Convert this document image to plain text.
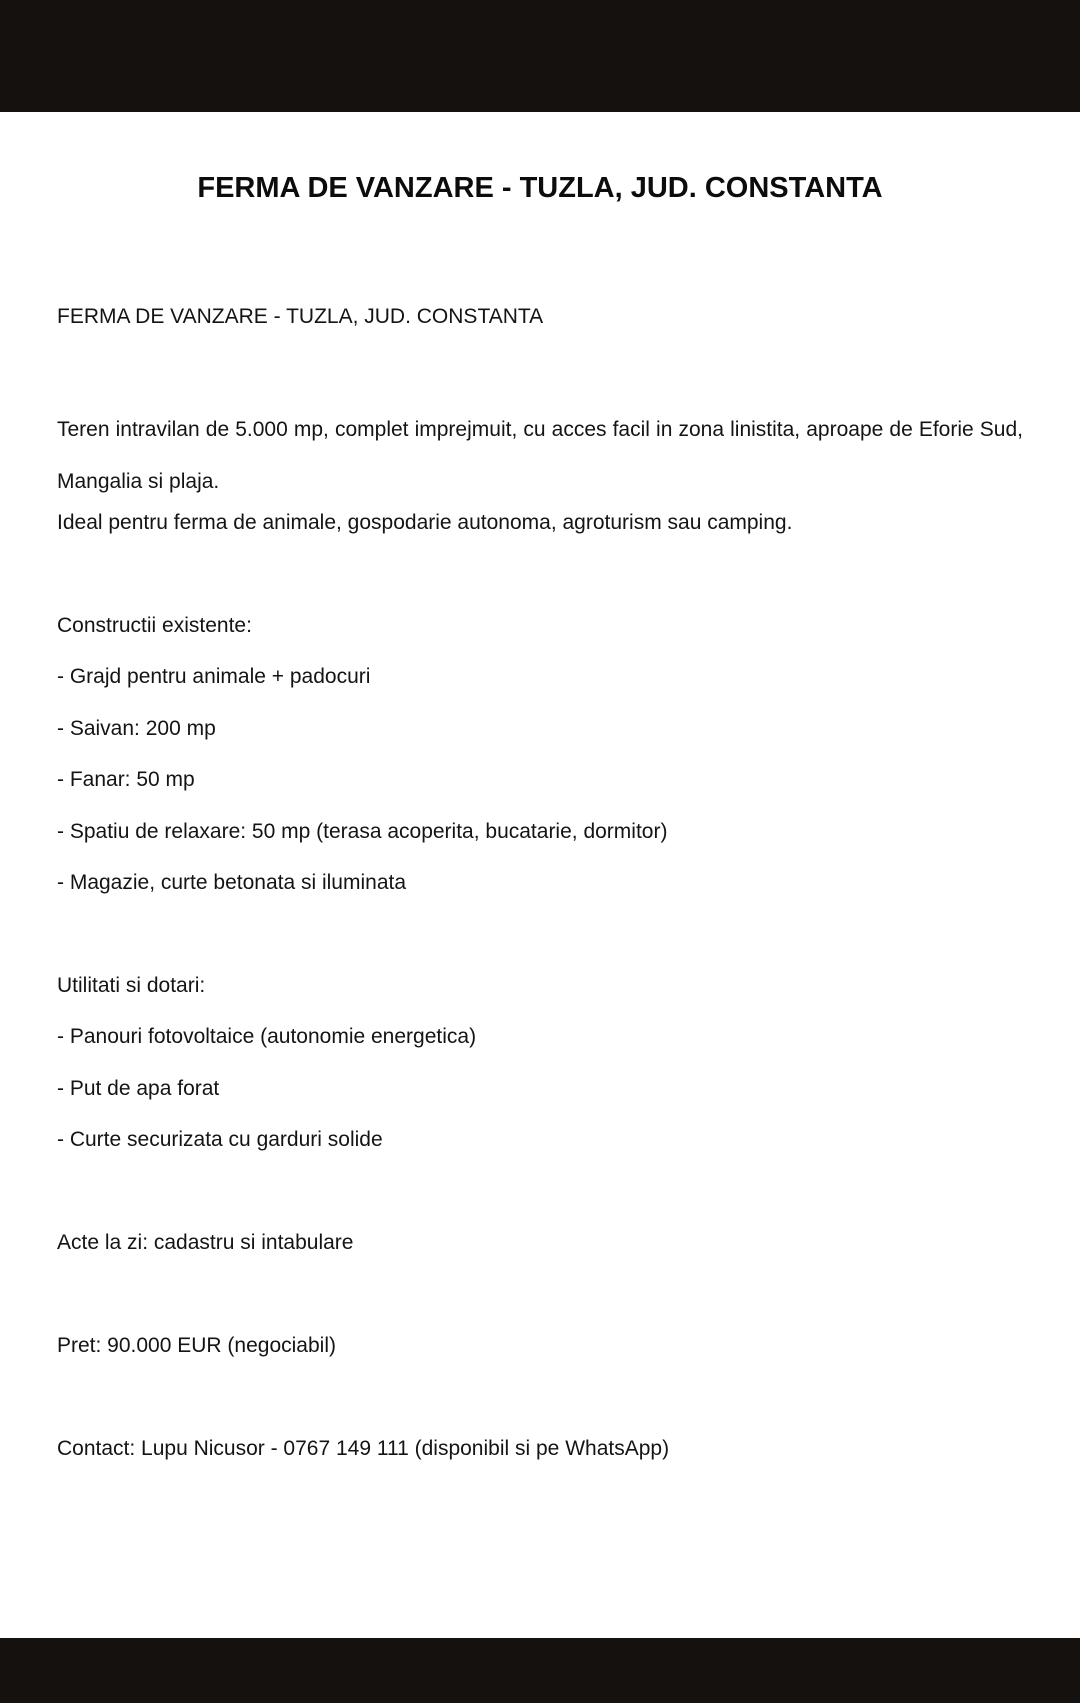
FERMA DE VANZARE - TUZLA, JUD. CONSTANTA

FERMA DE VANZARE - TUZLA, JUD. CONSTANTA

Teren intravilan de 5.000 mp, complet imprejmuit, cu acces facil in zona linistita, aproape de Eforie Sud, Mangalia si plaja.

Ideal pentru ferma de animale, gospodarie autonoma, agroturism sau camping.

Constructii existente:

- Grajd pentru animale + padocuri
- Saivan: 200 mp
- Fanar: 50 mp
- Spatiu de relaxare: 50 mp (terasa acoperita, bucatarie, dormitor)
- Magazie, curte betonata si iluminata

Utilitati si dotari:

- Panouri fotovoltaice (autonomie energetica)
- Put de apa forat
- Curte securizata cu garduri solide

Acte la zi: cadastru si intabulare

Pret: 90.000 EUR (negociabil)

Contact: Lupu Nicusor - 0767 149 111 (disponibil si pe WhatsApp)
